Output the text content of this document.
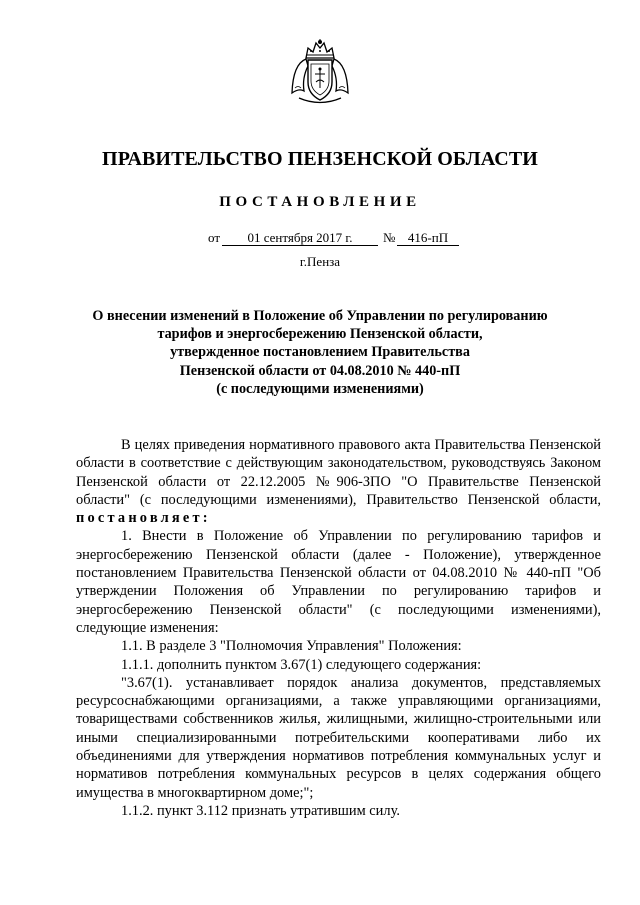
ПРАВИТЕЛЬСТВО ПЕНЗЕНСКОЙ ОБЛАСТИ
ПОСТАНОВЛЕНИЕ
от	01 сентября 2017 г.	№ 416-пП
г.Пенза
О внесении изменений в Положение об Управлении по регулированию
тарифов и энергосбережению Пензенской области,
утвержденное постановлением Правительства
Пензенской области от 04.08.2010 № 440-пП
(с последующими изменениями)

В целях приведения нормативного правового акта Правительства Пензенской области в соответствие с действующим законодательством, руководствуясь Законом Пензенской области от 22.12.2005 №906-ЗПО "О Правительстве Пензенской области" (с последующими изменениями), Правительство Пензенской области, постановляет:

1. Внести в Положение об Управлении по регулированию тарифов и энергосбережению Пензенской области (далее - Положение), утвержденное постановлением Правительства Пензенской области от 04.08.2010 № 440-пП "Об утверждении Положения об Управлении по регулированию тарифов и энергосбережению Пензенской области" (с последующими изменениями), следующие изменения:

1.1. В разделе 3 "Полномочия Управления" Положения:

1.1.1. дополнить пунктом 3.67(1) следующего содержания:

"3.67(1). устанавливает порядок анализа документов, представляемых ресурсоснабжающими организациями, а также управляющими организациями, товариществами собственников жилья, жилищными, жилищно-строительными или иными специализированными потребительскими кооперативами либо их объединениями для утверждения нормативов потребления коммунальных услуг и нормативов потребления коммунальных ресурсов в целях содержания общего имущества в многоквартирном доме;";

1.1.2. пункт 3.112 признать утратившим силу.
